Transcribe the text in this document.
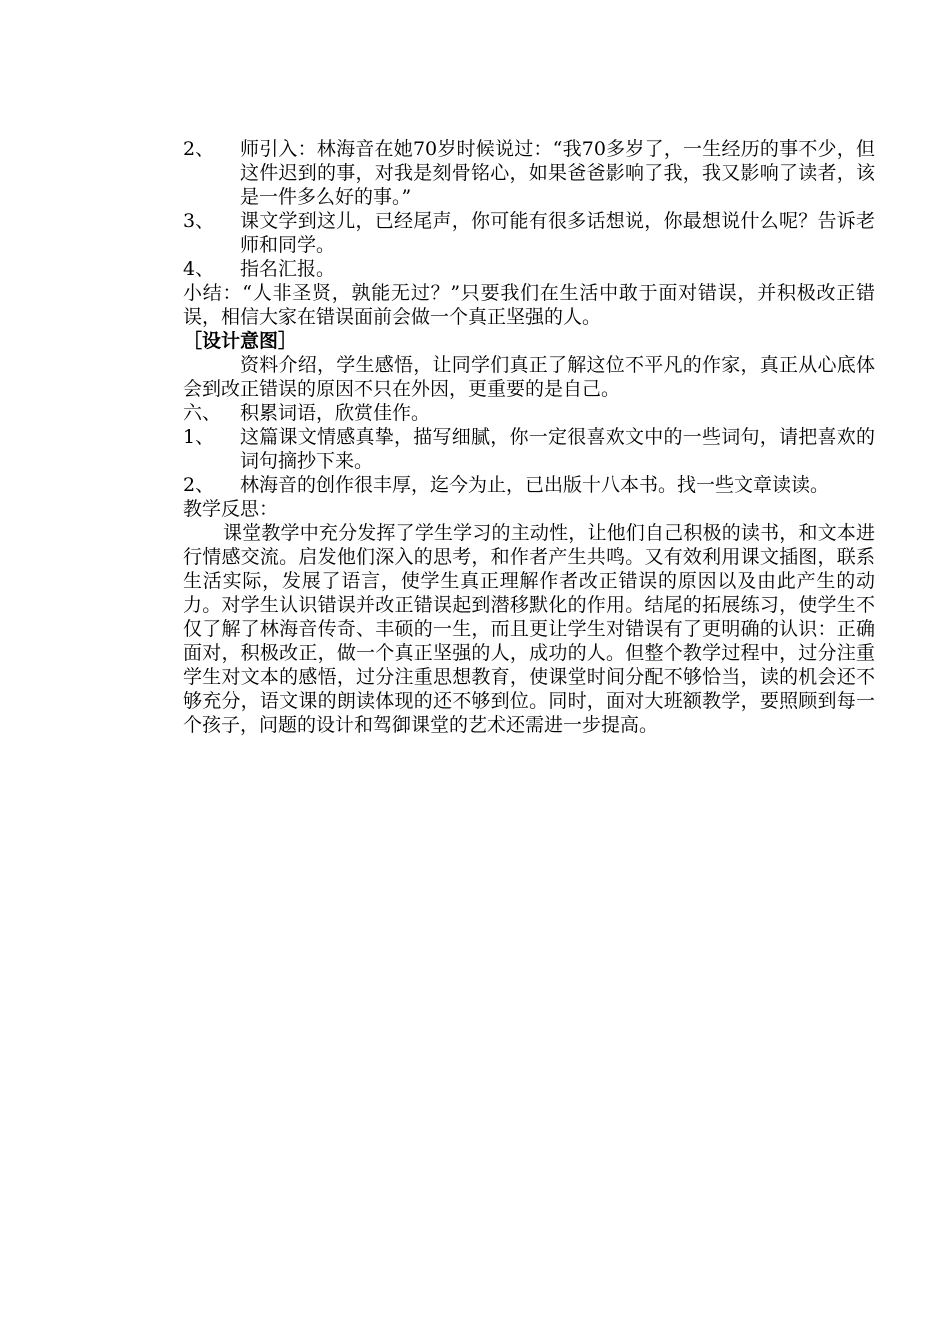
2、	师引入：林海音在她70岁时候说过：“我70多岁了，一生经历的事不少，但这件迟到的事，对我是刻骨铭心，如果爸爸影响了我，我又影响了读者，该是一件多么好的事。”
3、	课文学到这儿，已经尾声，你可能有很多话想说，你最想说什么呢？告诉老师和同学。
4、	指名汇报。
小结：“人非圣贤，孰能无过？”只要我们在生活中敢于面对错误，并积极改正错误，相信大家在错误面前会做一个真正坚强的人。
［设计意图］
资料介绍，学生感悟，让同学们真正了解这位不平凡的作家，真正从心底体会到改正错误的原因不只在外因，更重要的是自己。
六、 积累词语，欣赏佳作。
1、	这篇课文情感真挚，描写细腻，你一定很喜欢文中的一些词句，请把喜欢的词句摘抄下来。
2、	林海音的创作很丰厚，迄今为止，已出版十八本书。找一些文章读读。
教学反思：
课堂教学中充分发挥了学生学习的主动性，让他们自己积极的读书，和文本进行情感交流。启发他们深入的思考，和作者产生共鸣。又有效利用课文插图，联系生活实际，发展了语言，使学生真正理解作者改正错误的原因以及由此产生的动力。对学生认识错误并改正错误起到潜移默化的作用。结尾的拓展练习，使学生不仅了解了林海音传奇、丰硕的一生，而且更让学生对错误有了更明确的认识：正确面对，积极改正，做一个真正坚强的人，成功的人。但整个教学过程中，过分注重学生对文本的感悟，过分注重思想教育，使课堂时间分配不够恰当，读的机会还不够充分，语文课的朗读体现的还不够到位。同时，面对大班额教学，要照顾到每一个孩子，问题的设计和驾御课堂的艺术还需进一步提高。
